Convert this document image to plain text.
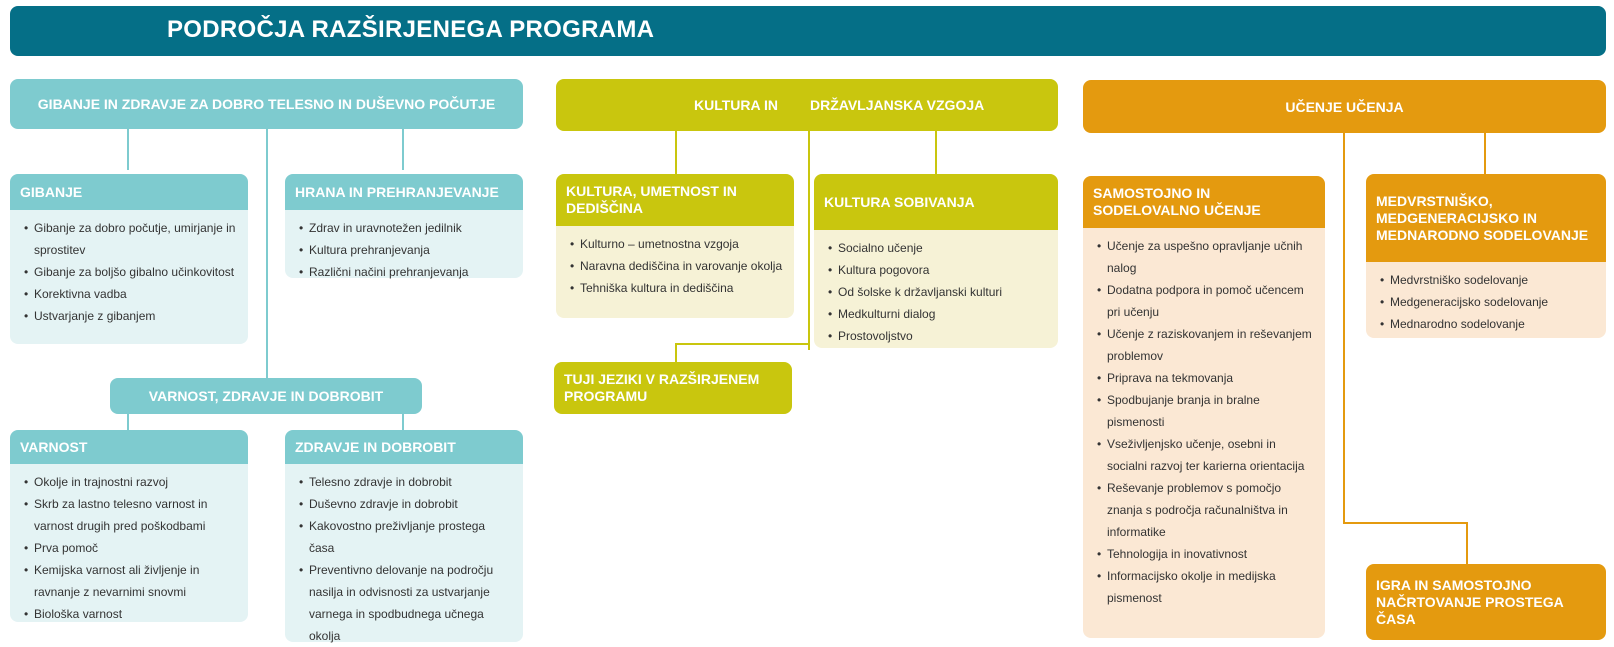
PODROČJA RAZŠIRJENEGA PROGRAMA
GIBANJE IN ZDRAVJE ZA DOBRO TELESNO IN DUŠEVNO POČUTJE
GIBANJE
• Gibanje za dobro počutje, umirjanje in sprostitev
• Gibanje za boljšo gibalno učinkovitost
• Korektivna vadba
• Ustvarjanje z gibanjem
HRANA IN PREHRANJEVANJE
• Zdrav in uravnotežen jedilnik
• Kultura prehranjevanja
• Različni načini prehranjevanja
VARNOST, ZDRAVJE IN DOBROBIT
VARNOST
• Okolje in trajnostni razvoj
• Skrb za lastno telesno varnost in varnost drugih pred poškodbami
• Prva pomoč
• Kemijska varnost ali življenje in ravnanje z nevarnimi snovmi
• Biološka varnost
ZDRAVJE IN DOBROBIT
• Telesno zdravje in dobrobit
• Duševno zdravje in dobrobit
• Kakovostno preživljanje prostega časa
• Preventivno delovanje na področju nasilja in odvisnosti za ustvarjanje varnega in spodbudnega učnega okolja
KULTURA IN DRŽAVLJANSKA VZGOJA
KULTURA, UMETNOST IN DEDIŠČINA
• Kulturno – umetnostna vzgoja
• Naravna dediščina in varovanje okolja
• Tehniška kultura in dediščina
KULTURA SOBIVANJA
• Socialno učenje
• Kultura pogovora
• Od šolske k državljanski kulturi
• Medkulturni dialog
• Prostovoljstvo
TUJI JEZIKI V RAZŠIRJENEM PROGRAMU
UČENJE UČENJA
SAMOSTOJNO IN SODELOVALNO UČENJE
• Učenje za uspešno opravljanje učnih nalog
• Dodatna podpora in pomoč učencem pri učenju
• Učenje z raziskovanjem in reševanjem problemov
• Priprava na tekmovanja
• Spodbujanje branja in bralne pismenosti
• Vseživljenjsko učenje, osebni in socialni razvoj ter karierna orientacija
• Reševanje problemov s pomočjo znanja s področja računalništva in informatike
• Tehnologija in inovativnost
• Informacijsko okolje in medijska pismenost
MEDVRSTNIŠKO, MEDGENERACIJSKO IN MEDNARODNO SODELOVANJE
• Medvrstniško sodelovanje
• Medgeneracijsko sodelovanje
• Mednarodno sodelovanje
IGRA IN SAMOSTOJNO NAČRTOVANJE PROSTEGA ČASA
